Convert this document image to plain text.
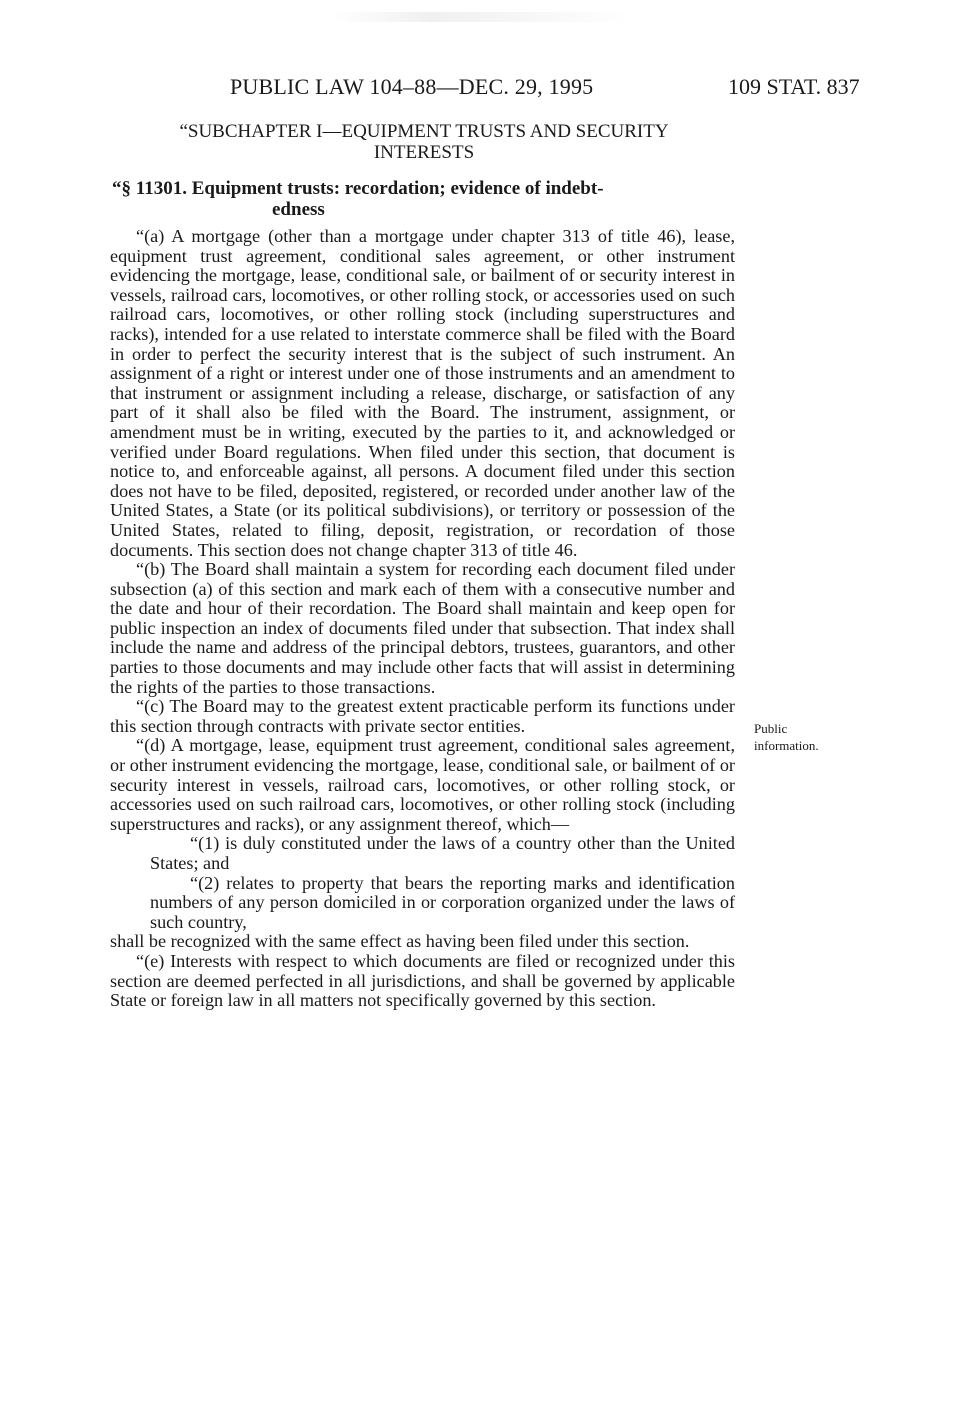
PUBLIC LAW 104–88—DEC. 29, 1995	109 STAT. 837
“SUBCHAPTER I—EQUIPMENT TRUSTS AND SECURITY
INTERESTS
“§ 11301. Equipment trusts: recordation; evidence of indebt-
edness

“(a) A mortgage (other than a mortgage under chapter 313 of title 46), lease, equipment trust agreement, conditional sales agreement, or other instrument evidencing the mortgage, lease, conditional sale, or bailment of or security interest in vessels, railroad cars, locomotives, or other rolling stock, or accessories used on such railroad cars, locomotives, or other rolling stock (including superstructures and racks), intended for a use related to interstate commerce shall be filed with the Board in order to perfect the security interest that is the subject of such instrument. An assignment of a right or interest under one of those instruments and an amendment to that instrument or assignment including a release, discharge, or satisfaction of any part of it shall also be filed with the Board. The instrument, assignment, or amendment must be in writing, executed by the parties to it, and acknowledged or verified under Board regulations. When filed under this section, that document is notice to, and enforceable against, all persons. A document filed under this section does not have to be filed, deposited, registered, or recorded under another law of the United States, a State (or its political subdivisions), or territory or possession of the United States, related to filing, deposit, registration, or recordation of those documents. This section does not change chapter 313 of title 46.

“(b) The Board shall maintain a system for recording each document filed under subsection (a) of this section and mark each of them with a consecutive number and the date and hour of their recordation. The Board shall maintain and keep open for public inspection an index of documents filed under that subsection. That index shall include the name and address of the principal debtors, trustees, guarantors, and other parties to those documents and may include other facts that will assist in determining the rights of the parties to those transactions.

“(c) The Board may to the greatest extent practicable perform its functions under this section through contracts with private sector entities.

“(d) A mortgage, lease, equipment trust agreement, conditional sales agreement, or other instrument evidencing the mortgage, lease, conditional sale, or bailment of or security interest in vessels, railroad cars, locomotives, or other rolling stock, or accessories used on such railroad cars, locomotives, or other rolling stock (including superstructures and racks), or any assignment thereof, which—

“(1) is duly constituted under the laws of a country other than the United States; and

“(2) relates to property that bears the reporting marks and identification numbers of any person domiciled in or corporation organized under the laws of such country,

shall be recognized with the same effect as having been filed under this section.

“(e) Interests with respect to which documents are filed or recognized under this section are deemed perfected in all jurisdictions, and shall be governed by applicable State or foreign law in all matters not specifically governed by this section.

Public
information.
